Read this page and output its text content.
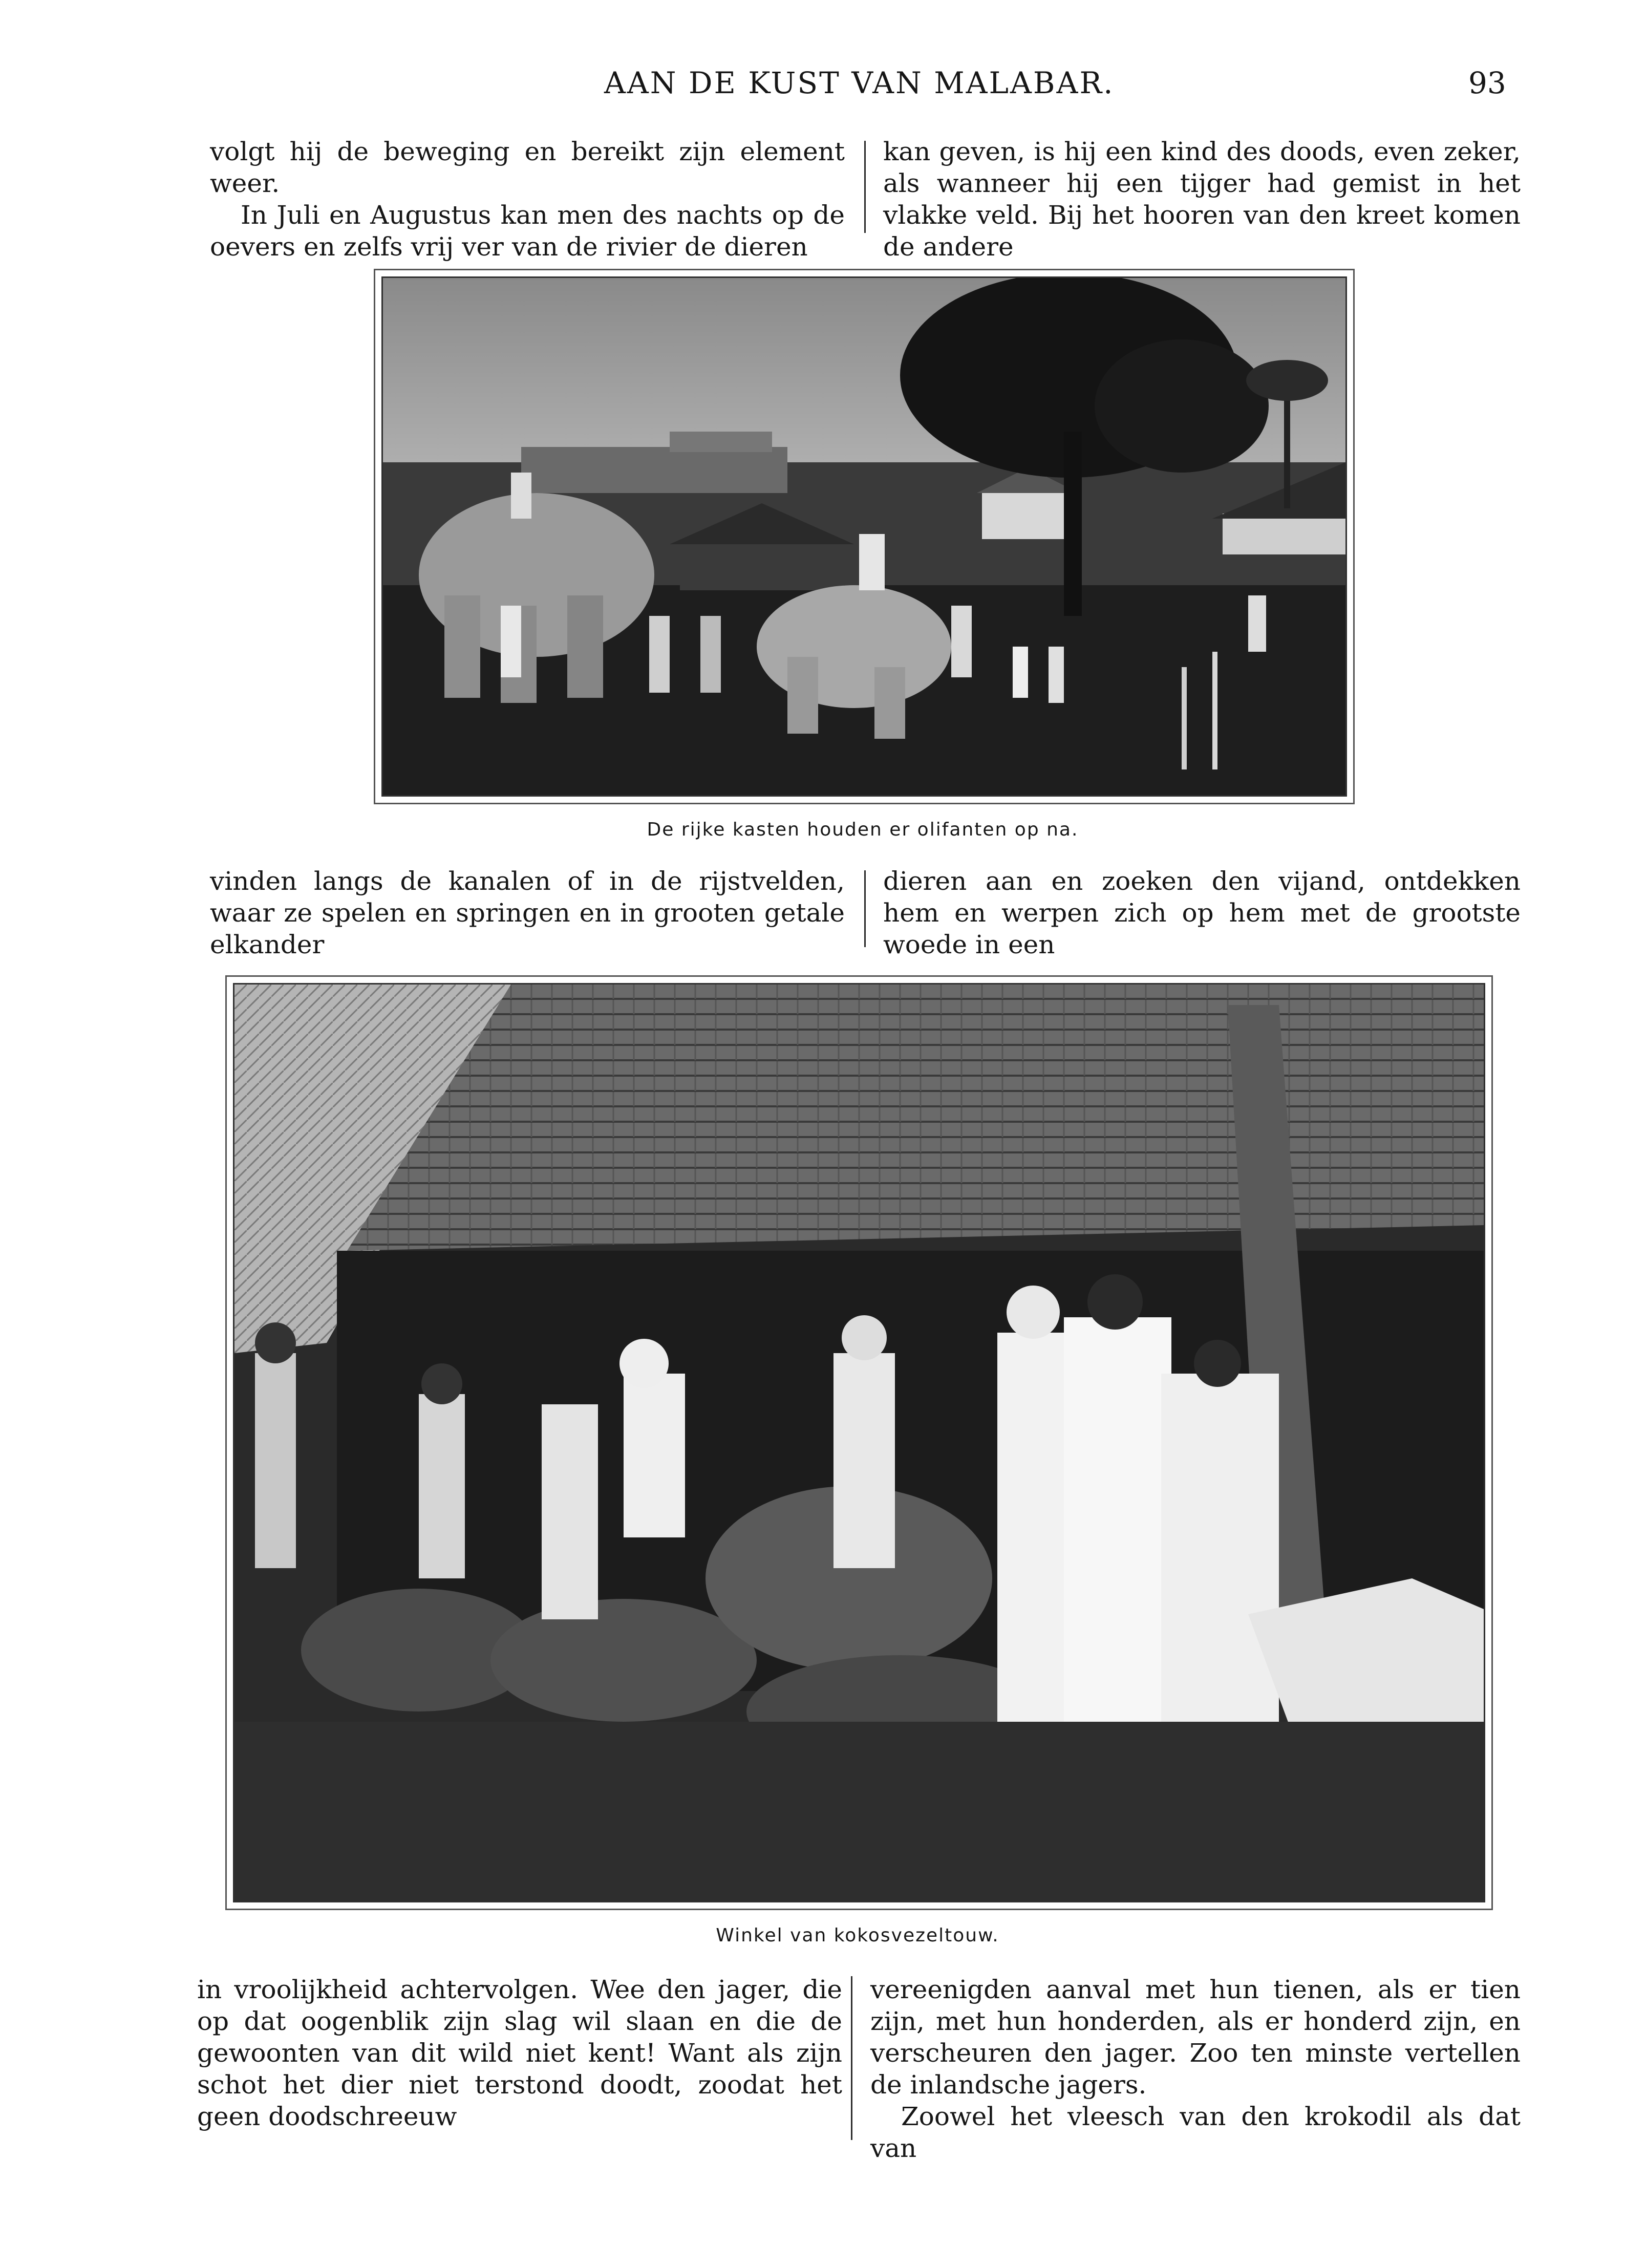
AAN DE KUST VAN MALABAR.	93

volgt hij de beweging en bereikt zijn element weer.

In Juli en Augustus kan men des nachts op de oevers en zelfs vrij ver van de rivier de dieren

kan geven, is hij een kind des doods, even zeker, als wanneer hij een tijger had gemist in het vlakke veld. Bij het hooren van den kreet komen de andere

De rijke kasten houden er olifanten op na.

vinden langs de kanalen of in de rijstvelden, waar ze spelen en springen en in grooten getale elkander

dieren aan en zoeken den vijand, ontdekken hem en werpen zich op hem met de grootste woede in een

Winkel van kokosvezeltouw.

in vroolijkheid achtervolgen. Wee den jager, die op dat oogenblik zijn slag wil slaan en die de gewoonten van dit wild niet kent! Want als zijn schot het dier niet terstond doodt, zoodat het geen doodschreeuw

vereenigden aanval met hun tienen, als er tien zijn, met hun honderden, als er honderd zijn, en verscheuren den jager. Zoo ten minste vertellen de inlandsche jagers.

Zoowel het vleesch van den krokodil als dat van
